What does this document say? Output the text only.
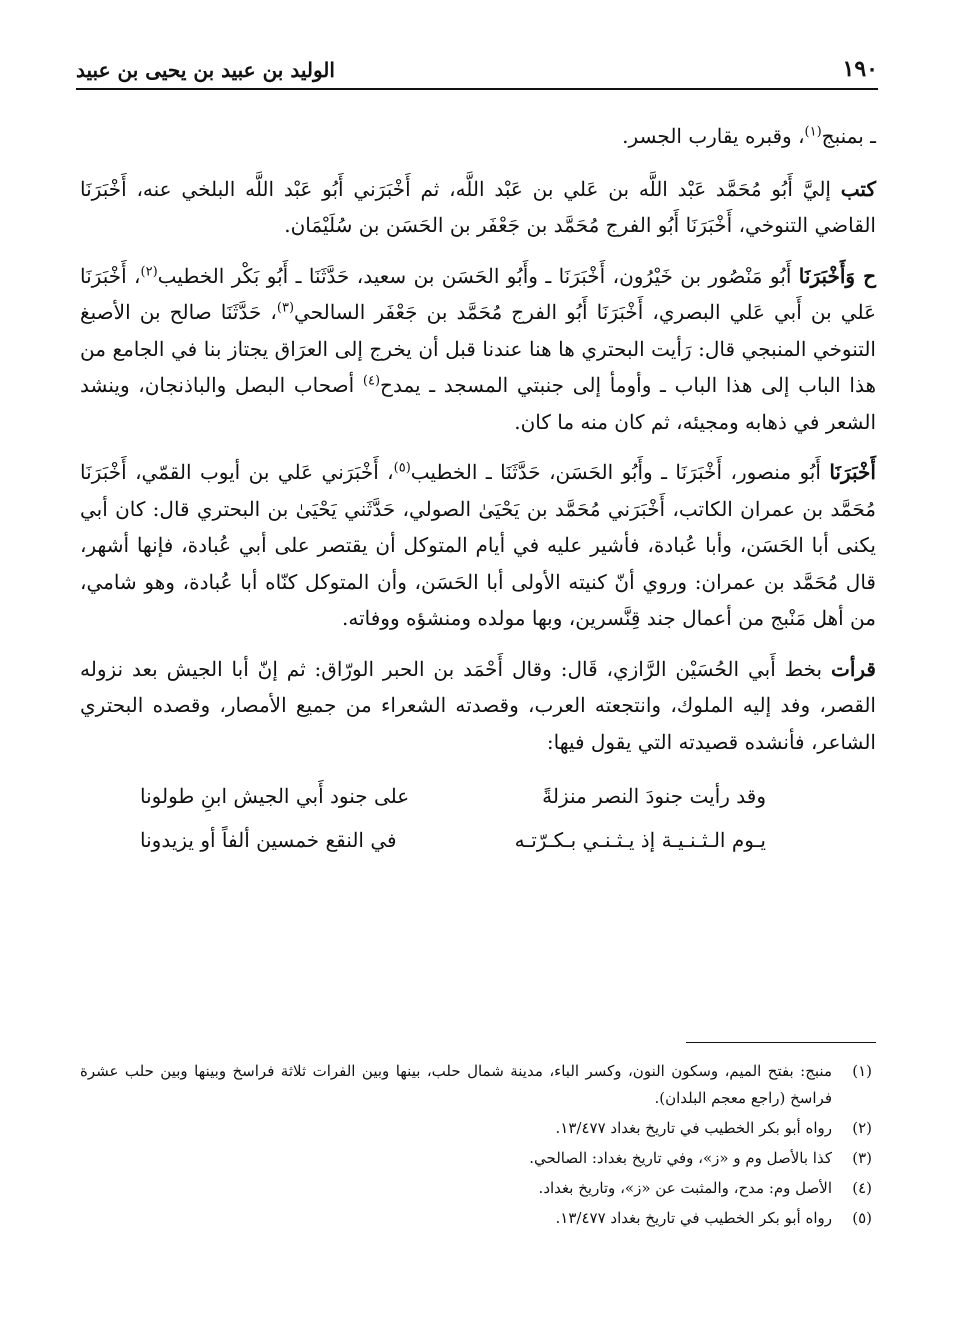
١٩٠
الوليد بن عبيد بن يحيى بن عبيد

ـ بمنبج$^{(١)}$، وقبره يقارب الجسر.

كتب إليَّ أَبُو مُحَمَّد عَبْد اللَّه بن عَلي بن عَبْد اللَّه، ثم أَخْبَرَني أَبُو عَبْد اللَّه البلخي عنه، أَخْبَرَنَا القاضي التنوخي، أَخْبَرَنَا أَبُو الفرج مُحَمَّد بن جَعْفَر بن الحَسَن بن سُلَيْمَان.

ح وَأَخْبَرَنَا أَبُو مَنْصُور بن خَيْرُون، أَخْبَرَنَا ـ وأَبُو الحَسَن بن سعيد، حَدَّثَنَا ـ أَبُو بَكْر الخطيب$^{(٢)}$، أَخْبَرَنَا عَلي بن أَبي عَلي البصري، أَخْبَرَنَا أَبُو الفرج مُحَمَّد بن جَعْفَر السالحي$^{(٣)}$، حَدَّثَنَا صالح بن الأصبغ التنوخي المنبجي قال: رَأيت البحتري ها هنا عندنا قبل أن يخرج إلى العرَاق يجتاز بنا في الجامع من هذا الباب إلى هذا الباب ـ وأومأ إلى جنبتي المسجد ـ يمدح$^{(٤)}$ أصحاب البصل والباذنجان، وينشد الشعر في ذهابه ومجيئه، ثم كان منه ما كان.

أَخْبَرَنَا أَبُو منصور، أَخْبَرَنَا ـ وأَبُو الحَسَن، حَدَّثَنَا ـ الخطيب$^{(٥)}$، أَخْبَرَني عَلي بن أيوب القمّي، أَخْبَرَنَا مُحَمَّد بن عمران الكاتب، أَخْبَرَني مُحَمَّد بن يَحْيَىٰ الصولي، حَدَّثَني يَحْيَىٰ بن البحتري قال: كان أبي يكنى أبا الحَسَن، وأبا عُبادة، فأشير عليه في أيام المتوكل أن يقتصر على أبي عُبادة، فإنها أشهر، قال مُحَمَّد بن عمران: وروي أنّ كنيته الأولى أبا الحَسَن، وأن المتوكل كنّاه أبا عُبادة، وهو شامي، من أهل مَنْبج من أعمال جند قِنَّسرين، وبها مولده ومنشؤه ووفاته.

قرأت بخط أَبي الحُسَيْن الرَّازي، قَال: وقال أَحْمَد بن الحبر الورّاق: ثم إنّ أبا الجيش بعد نزوله القصر، وفد إليه الملوك، وانتجعته العرب، وقصدته الشعراء من جميع الأمصار، وقصده البحتري الشاعر، فأنشده قصيدته التي يقول فيها:

وقد رأيت جنودَ النصر منزلةً
على جنود أَبي الجيش ابنِ طولونا
يـوم الـثـنـيـة إذ يـثـنـي بـكـرّتـه
في النقع خمسين ألفاً أو يزيدونا
(١)
منبج: بفتح الميم، وسكون النون، وكسر الباء، مدينة شمال حلب، بينها وبين الفرات ثلاثة فراسخ وبينها وبين حلب عشرة فراسخ (راجع معجم البلدان).
(٢)
رواه أبو بكر الخطيب في تاريخ بغداد ١٣/٤٧٧.
(٣)
كذا بالأصل وم و «ز»، وفي تاريخ بغداد: الصالحي.
(٤)
الأصل وم: مدح، والمثبت عن «ز»، وتاريخ بغداد.
(٥)
رواه أبو بكر الخطيب في تاريخ بغداد ١٣/٤٧٧.
